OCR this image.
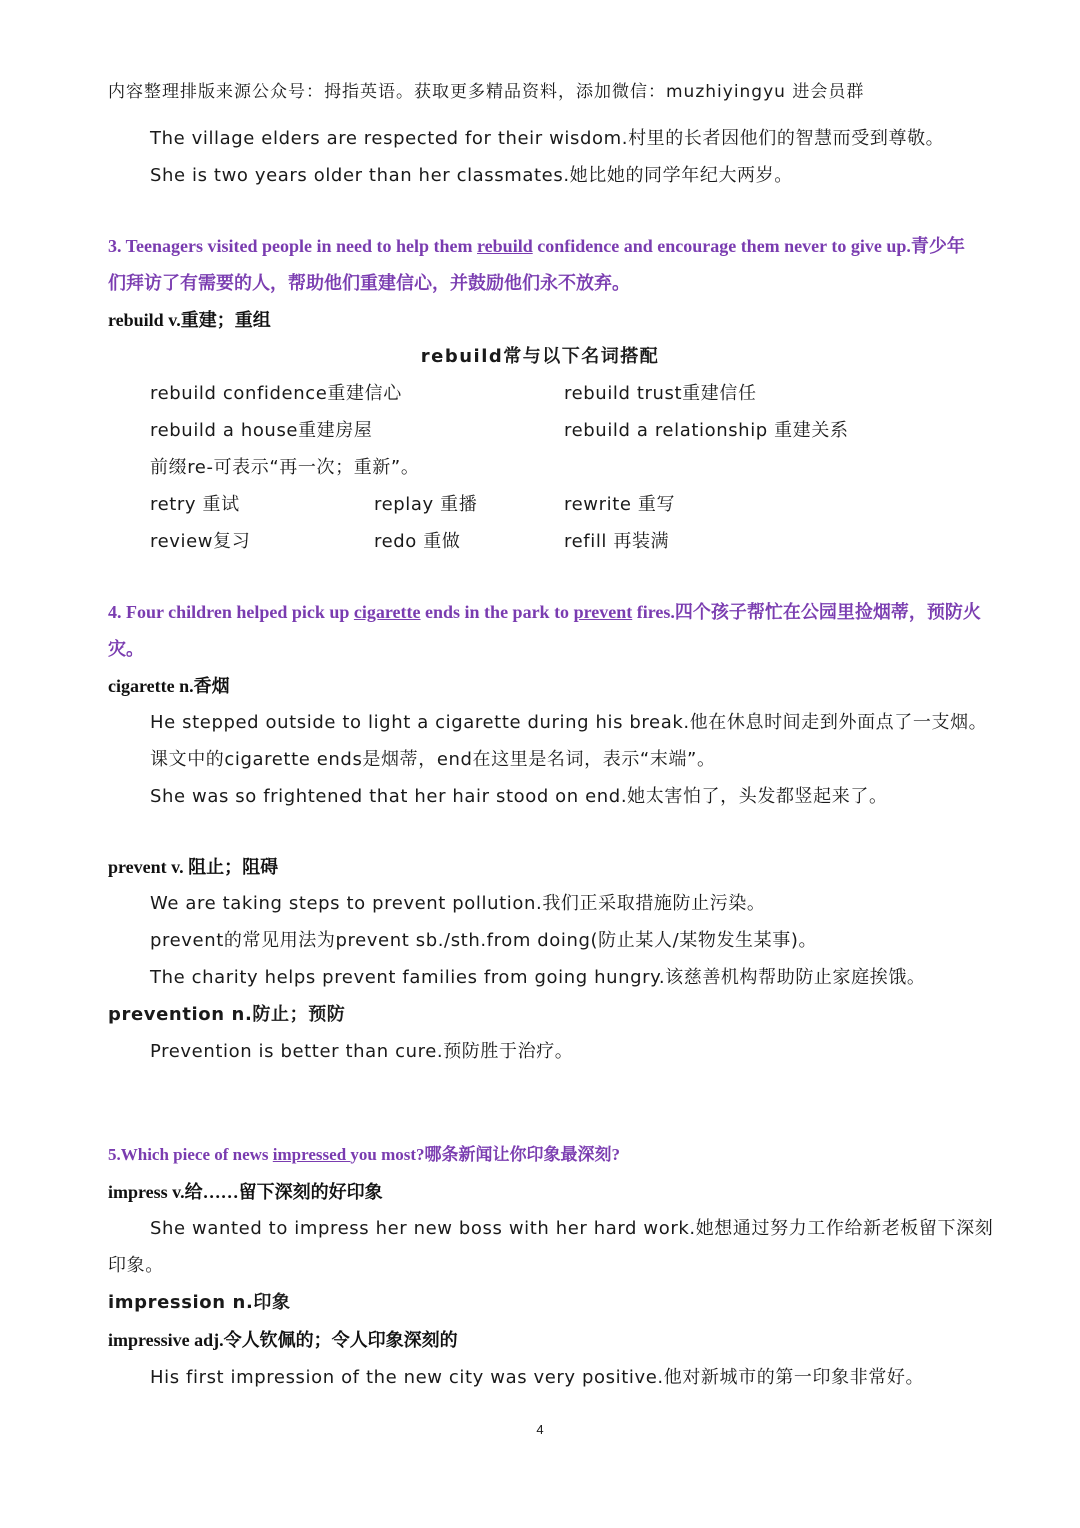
内容整理排版来源公众号：拇指英语。获取更多精品资料，添加微信：muzhiyingyu 进会员群
The village elders are respected for their wisdom.村里的长者因他们的智慧而受到尊敬。
She is two years older than her classmates.她比她的同学年纪大两岁。
3. Teenagers visited people in need to help them rebuild confidence and encourage them never to give up.青少年
们拜访了有需要的人，帮助他们重建信心，并鼓励他们永不放弃。
rebuild v.重建；重组
rebuild常与以下名词搭配
rebuild confidence重建信心	rebuild trust重建信任
rebuild a house重建房屋	rebuild a relationship 重建关系
前缀re-可表示“再一次；重新”。
retry 重试	replay 重播	rewrite 重写
review复习	redo 重做	refill 再装满
4. Four children helped pick up cigarette ends in the park to prevent fires.四个孩子帮忙在公园里捡烟蒂，预防火
灾。
cigarette n.香烟
He stepped outside to light a cigarette during his break.他在休息时间走到外面点了一支烟。
课文中的cigarette ends是烟蒂，end在这里是名词，表示“末端”。
She was so frightened that her hair stood on end.她太害怕了，头发都竖起来了。
prevent v. 阻止；阻碍
We are taking steps to prevent pollution.我们正采取措施防止污染。
prevent的常见用法为prevent sb./sth.from doing(防止某人/某物发生某事)。
The charity helps prevent families from going hungry.该慈善机构帮助防止家庭挨饿。
prevention n.防止；预防
Prevention is better than cure.预防胜于治疗。
5.Which piece of news impressed you most?哪条新闻让你印象最深刻?
impress v.给……留下深刻的好印象
She wanted to impress her new boss with her hard work.她想通过努力工作给新老板留下深刻
印象。
impression n.印象
impressive adj.令人钦佩的；令人印象深刻的
His first impression of the new city was very positive.他对新城市的第一印象非常好。
4
